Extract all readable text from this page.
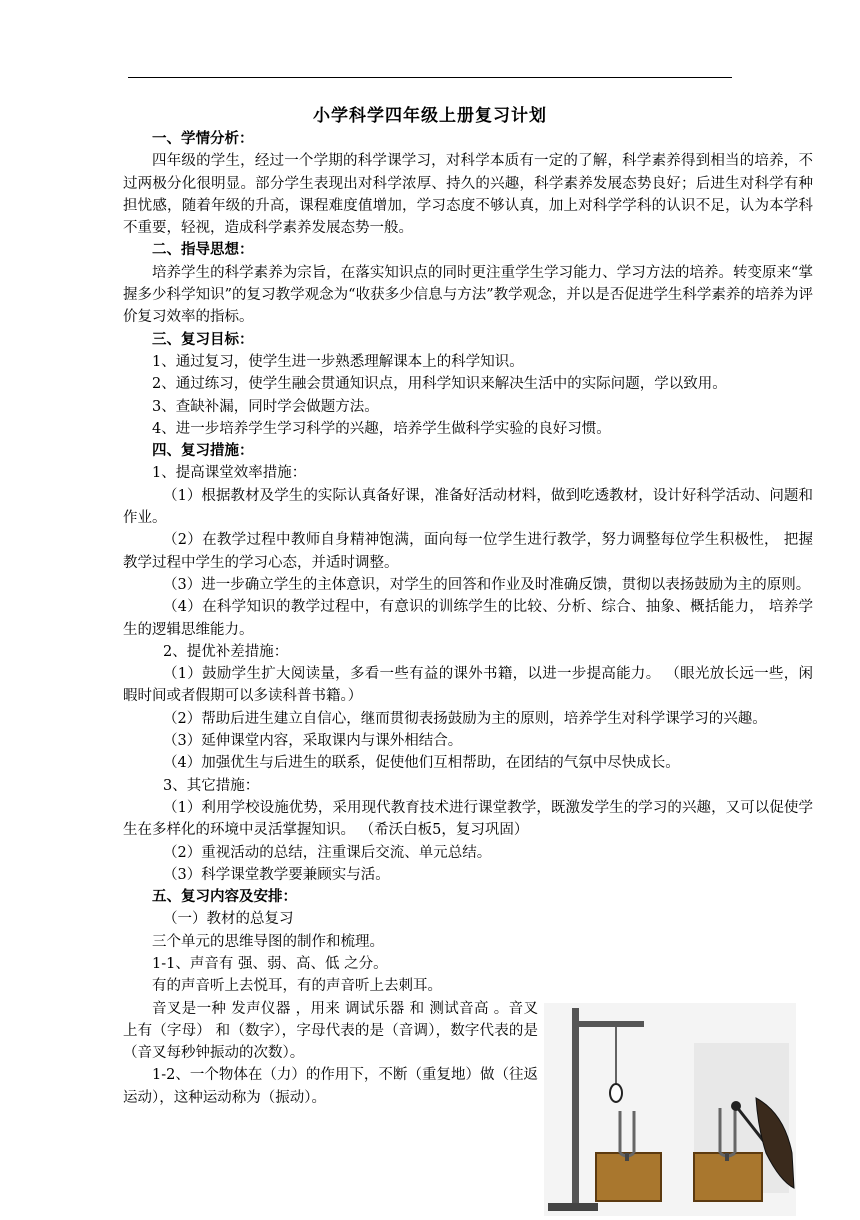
小学科学四年级上册复习计划

一、学情分析：

四年级的学生，经过一个学期的科学课学习，对科学本质有一定的了解，科学素养得到相当的培养，不过两极分化很明显。部分学生表现出对科学浓厚、持久的兴趣，科学素养发展态势良好；后进生对科学有种担忧感，随着年级的升高，课程难度值增加，学习态度不够认真，加上对科学学科的认识不足，认为本学科不重要，轻视，造成科学素养发展态势一般。

二、指导思想：

培养学生的科学素养为宗旨，在落实知识点的同时更注重学生学习能力、学习方法的培养。转变原来“掌握多少科学知识”的复习教学观念为“收获多少信息与方法”教学观念，并以是否促进学生科学素养的培养为评价复习效率的指标。

三、复习目标：

1、通过复习，使学生进一步熟悉理解课本上的科学知识。

2、通过练习，使学生融会贯通知识点，用科学知识来解决生活中的实际问题，学以致用。

3、查缺补漏，同时学会做题方法。

4、进一步培养学生学习科学的兴趣，培养学生做科学实验的良好习惯。

四、复习措施：

1、提高课堂效率措施：

（1）根据教材及学生的实际认真备好课，准备好活动材料，做到吃透教材，设计好科学活动、问题和作业。

（2）在教学过程中教师自身精神饱满，面向每一位学生进行教学，努力调整每位学生积极性， 把握教学过程中学生的学习心态，并适时调整。

（3）进一步确立学生的主体意识，对学生的回答和作业及时准确反馈，贯彻以表扬鼓励为主的原则。

（4）在科学知识的教学过程中，有意识的训练学生的比较、分析、综合、抽象、概括能力， 培养学生的逻辑思维能力。

2、提优补差措施：

（1）鼓励学生扩大阅读量，多看一些有益的课外书籍，以进一步提高能力。 （眼光放长远一些，闲暇时间或者假期可以多读科普书籍。）

（2）帮助后进生建立自信心，继而贯彻表扬鼓励为主的原则，培养学生对科学课学习的兴趣。

（3）延伸课堂内容，采取课内与课外相结合。

（4）加强优生与后进生的联系，促使他们互相帮助，在团结的气氛中尽快成长。

3、其它措施：

（1）利用学校设施优势，采用现代教育技术进行课堂教学，既激发学生的学习的兴趣，又可以促使学生在多样化的环境中灵活掌握知识。 （希沃白板5，复习巩固）

（2）重视活动的总结，注重课后交流、单元总结。

（3）科学课堂教学要兼顾实与活。

五、复习内容及安排：

（一）教材的总复习

三个单元的思维导图的制作和梳理。

1-1、声音有 强、弱、高、低 之分。

有的声音听上去悦耳，有的声音听上去刺耳。

音叉是一种 发声仪器 ，用来 调试乐器 和 测试音高 。音叉上有（字母） 和（数字），字母代表的是（音调），数字代表的是（音叉每秒钟振动的次数）。

1-2、一个物体在（力）的作用下，不断（重复地）做（往返运动），这种运动称为（振动）。
